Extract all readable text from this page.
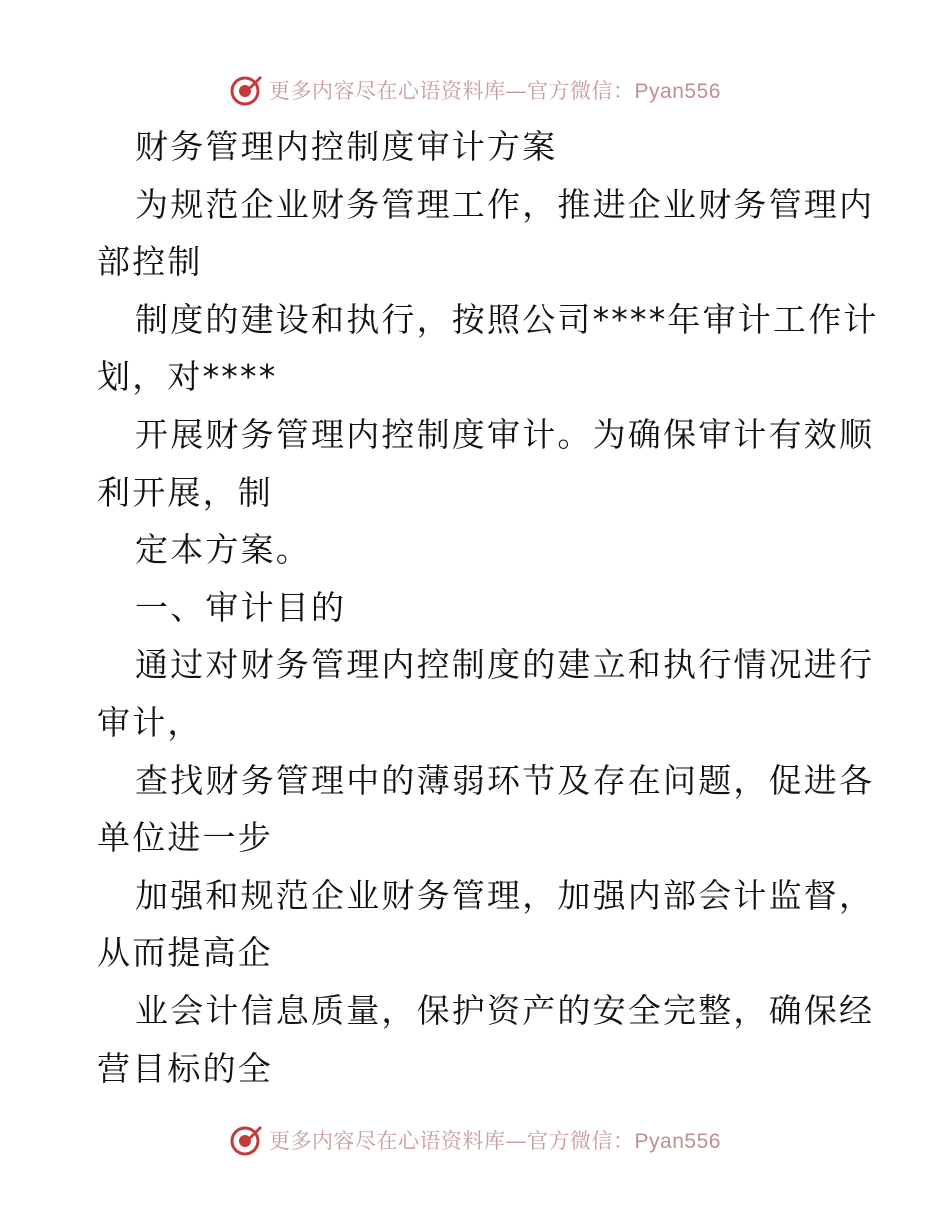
更多内容尽在心语资料库—官方微信：Pyan556
财务管理内控制度审计方案
为规范企业财务管理工作，推进企业财务管理内
部控制
制度的建设和执行，按照公司****年审计工作计
划，对****
开展财务管理内控制度审计。为确保审计有效顺
利开展，制
定本方案。
一、审计目的
通过对财务管理内控制度的建立和执行情况进行
审计，
查找财务管理中的薄弱环节及存在问题，促进各
单位进一步
加强和规范企业财务管理，加强内部会计监督，
从而提高企
业会计信息质量，保护资产的安全完整，确保经
营目标的全
更多内容尽在心语资料库—官方微信：Pyan556
